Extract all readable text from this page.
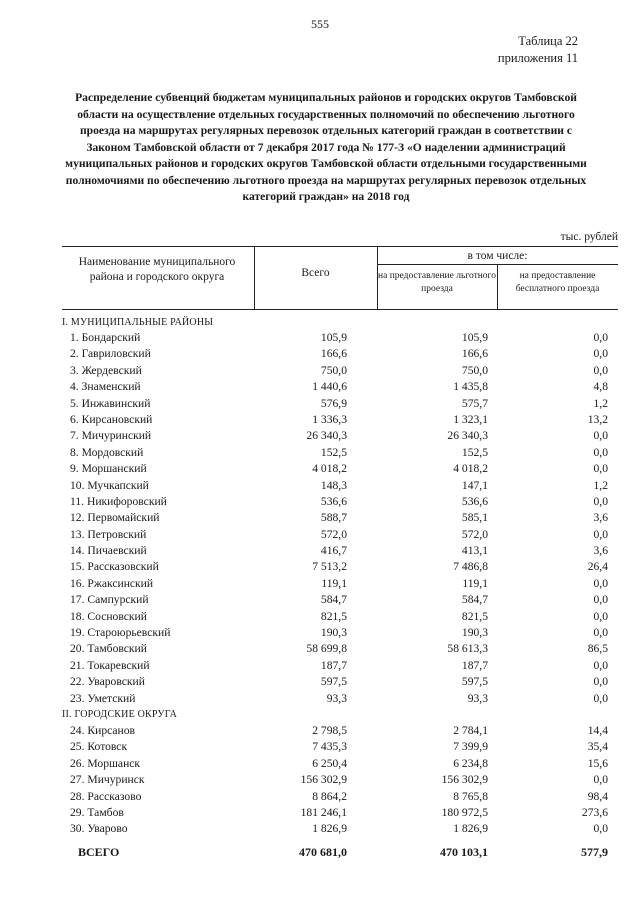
555
Таблица 22
приложения 11
Распределение субвенций бюджетам муниципальных районов и городских округов Тамбовской области на осуществление отдельных государственных полномочий по обеспечению льготного проезда на маршрутах регулярных перевозок отдельных категорий граждан в соответствии с Законом Тамбовской области от 7 декабря 2017 года № 177-З «О наделении администраций муниципальных районов и городских округов Тамбовской области отдельными государственными полномочиями по обеспечению льготного проезда на маршрутах регулярных перевозок отдельных категорий граждан» на 2018 год
тыс. рублей
Наименование муниципального района и городского округа	Всего
в том числе:
на предоставление льготного проезда
на предоставление бесплатного проезда
I. МУНИЦИПАЛЬНЫЕ РАЙОНЫ
1. Бондарский	105,9	105,9	0,0
2. Гавриловский	166,6	166,6	0,0
3. Жердевский	750,0	750,0	0,0
4. Знаменский	1 440,6	1 435,8	4,8
5. Инжавинский	576,9	575,7	1,2
6. Кирсановский	1 336,3	1 323,1	13,2
7. Мичуринский	26 340,3	26 340,3	0,0
8. Мордовский	152,5	152,5	0,0
9. Моршанский	4 018,2	4 018,2	0,0
10. Мучкапский	148,3	147,1	1,2
11. Никифоровский	536,6	536,6	0,0
12. Первомайский	588,7	585,1	3,6
13. Петровский	572,0	572,0	0,0
14. Пичаевский	416,7	413,1	3,6
15. Рассказовский	7 513,2	7 486,8	26,4
16. Ржаксинский	119,1	119,1	0,0
17. Сампурский	584,7	584,7	0,0
18. Сосновский	821,5	821,5	0,0
19. Староюрьевский	190,3	190,3	0,0
20. Тамбовский	58 699,8	58 613,3	86,5
21. Токаревский	187,7	187,7	0,0
22. Уваровский	597,5	597,5	0,0
23. Уметский	93,3	93,3	0,0
II. ГОРОДСКИЕ ОКРУГА
24. Кирсанов	2 798,5	2 784,1	14,4
25. Котовск	7 435,3	7 399,9	35,4
26. Моршанск	6 250,4	6 234,8	15,6
27. Мичуринск	156 302,9	156 302,9	0,0
28. Рассказово	8 864,2	8 765,8	98,4
29. Тамбов	181 246,1	180 972,5	273,6
30. Уварово	1 826,9	1 826,9	0,0
ВСЕГО	470 681,0	470 103,1	577,9
